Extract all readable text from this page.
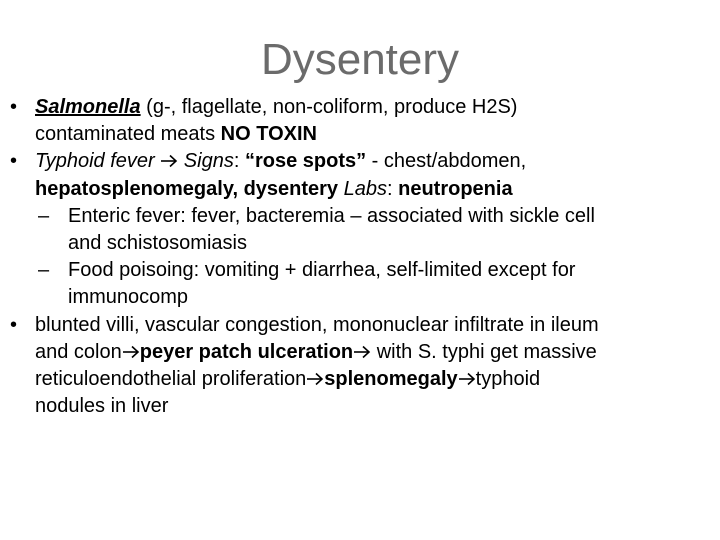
Dysentery
• Salmonella (g-, flagellate, non-coliform, produce H2S)
contaminated meats NO TOXIN
• Typhoid fever  Signs: “rose spots” - chest/abdomen,
hepatosplenomegaly, dysentery Labs: neutropenia
– Enteric fever: fever, bacteremia – associated with sickle cell
and schistosomiasis
– Food poisoing: vomiting + diarrhea, self-limited except for
immunocomp
• blunted villi, vascular congestion, mononuclear infiltrate in ileum
and colon peyer patch ulceration with S. typhi get massive
reticuloendothelial proliferation splenomegaly typhoid
nodules in liver
